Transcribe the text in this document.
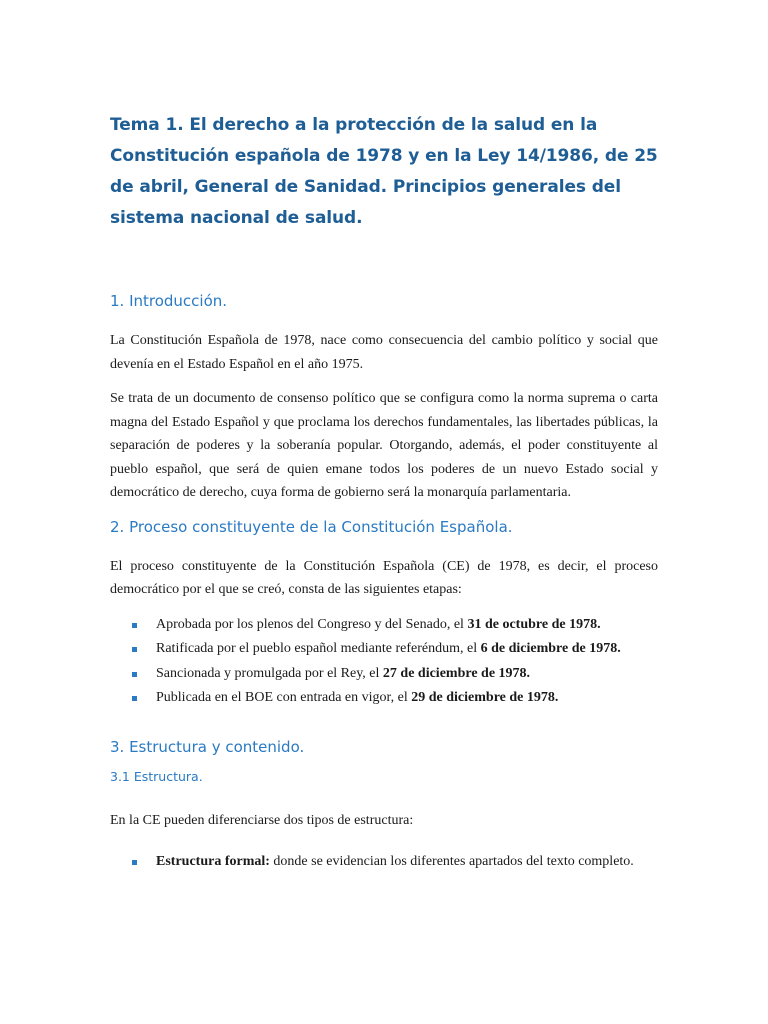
Tema 1. El derecho a la protección de la salud en la Constitución española de 1978 y en la Ley 14/1986, de 25 de abril, General de Sanidad. Principios generales del sistema nacional de salud.
1. Introducción.

La Constitución Española de 1978, nace como consecuencia del cambio político y social que devenía en el Estado Español en el año 1975.

Se trata de un documento de consenso político que se configura como la norma suprema o carta magna del Estado Español y que proclama los derechos fundamentales, las libertades públicas, la separación de poderes y la soberanía popular. Otorgando, además, el poder constituyente al pueblo español, que será de quien emane todos los poderes de un nuevo Estado social y democrático de derecho, cuya forma de gobierno será la monarquía parlamentaria.

2. Proceso constituyente de la Constitución Española.

El proceso constituyente de la Constitución Española (CE) de 1978, es decir, el proceso democrático por el que se creó, consta de las siguientes etapas:

Aprobada por los plenos del Congreso y del Senado, el 31 de octubre de 1978.
Ratificada por el pueblo español mediante referéndum, el 6 de diciembre de 1978.
Sancionada y promulgada por el Rey, el 27 de diciembre de 1978.
Publicada en el BOE con entrada en vigor, el 29 de diciembre de 1978.
3. Estructura y contenido.
3.1 Estructura.

En la CE pueden diferenciarse dos tipos de estructura:

Estructura formal: donde se evidencian los diferentes apartados del texto completo.
